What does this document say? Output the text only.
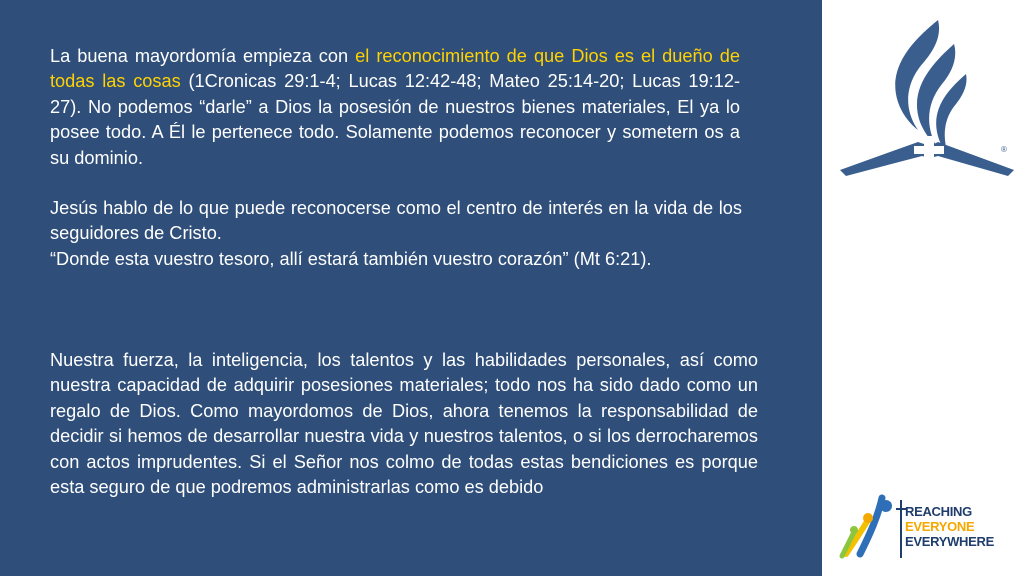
La buena mayordomía empieza con el reconocimiento de que Dios es el dueño de todas las cosas (1Cronicas 29:1-4; Lucas 12:42-48; Mateo 25:14-20; Lucas 19:12-27). No podemos “darle” a Dios la posesión de nuestros bienes materiales, El ya lo posee todo. A Él le pertenece todo. Solamente podemos reconocer y sometern os a su dominio.

Jesús hablo de lo que puede reconocerse como el centro de interés en la vida de los seguidores de Cristo.
“Donde esta vuestro tesoro, allí estará también vuestro corazón” (Mt 6:21).

Nuestra fuerza, la inteligencia, los talentos y las habilidades personales, así como nuestra capacidad de adquirir posesiones materiales; todo nos ha sido dado como un regalo de Dios. Como mayordomos de Dios, ahora tenemos la responsabilidad de decidir si hemos de desarrollar nuestra vida y nuestros talentos, o si los derrocharemos con actos imprudentes. Si el Señor nos colmo de todas estas bendiciones es porque esta seguro de que podremos administrarlas como es debido

®
REACHING
EVERYONE
EVERYWHERE
